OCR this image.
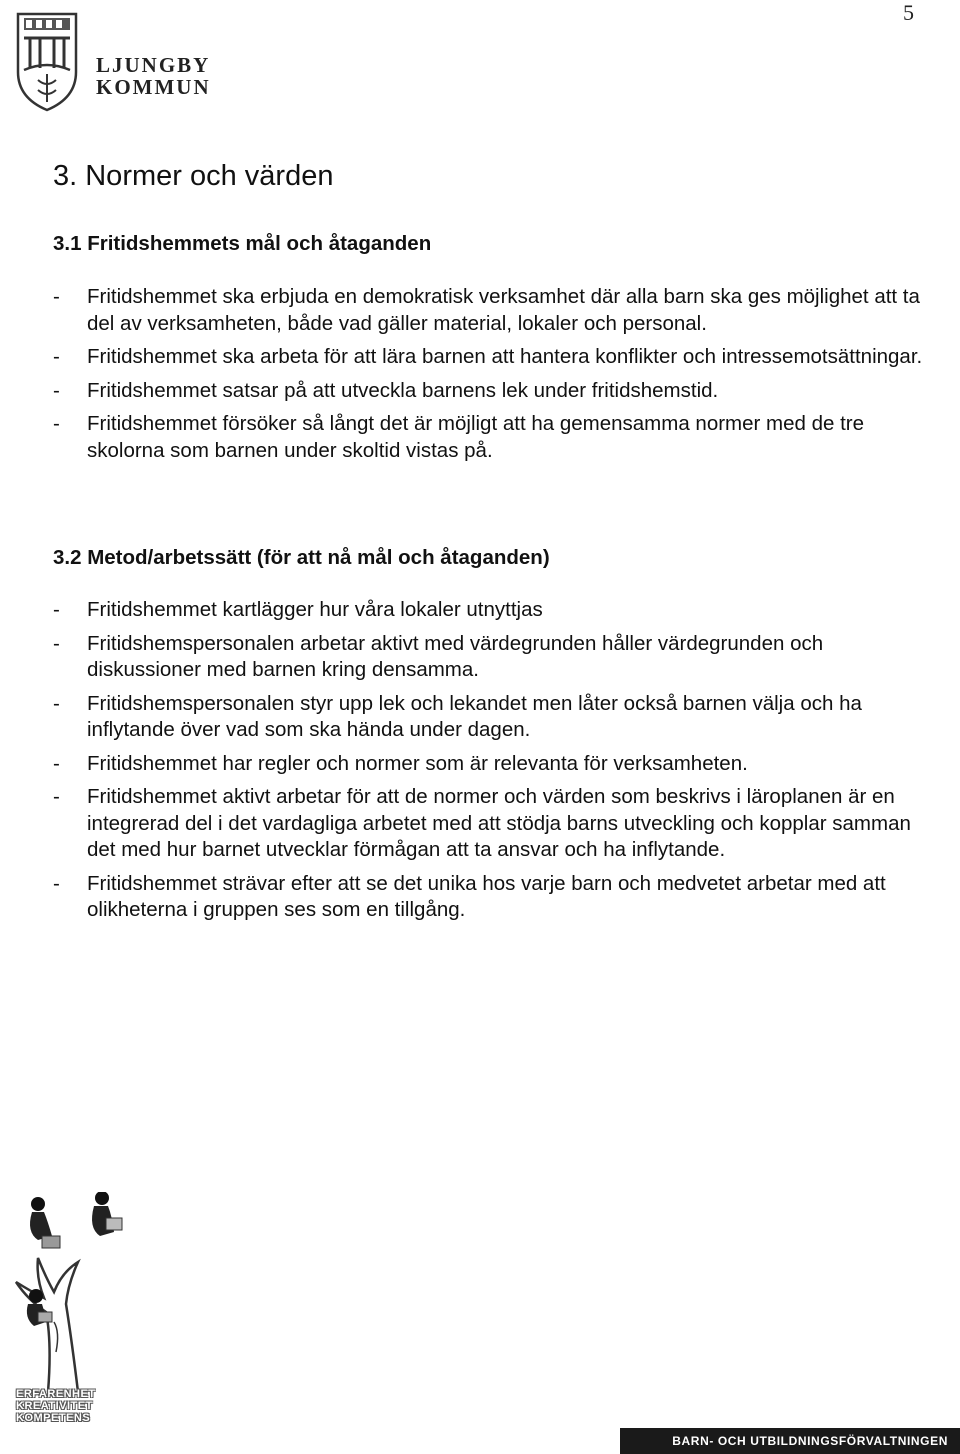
5
LJUNGBY
KOMMUN
3. Normer och värden
3.1 Fritidshemmets mål och åtaganden
- Fritidshemmet ska erbjuda en demokratisk verksamhet där alla barn ska ges möjlighet att ta del av verksamheten, både vad gäller material, lokaler och personal.
- Fritidshemmet ska arbeta för att lära barnen att hantera konflikter och intressemotsättningar.
- Fritidshemmet satsar på att utveckla barnens lek under fritidshemstid.
- Fritidshemmet försöker så långt det är möjligt att ha gemensamma normer med de tre skolorna som barnen under skoltid vistas på.
3.2 Metod/arbetssätt (för att nå mål och åtaganden)
- Fritidshemmet kartlägger hur våra lokaler utnyttjas
- Fritidshemspersonalen arbetar aktivt med värdegrunden håller värdegrunden och diskussioner med barnen kring densamma.
- Fritidshemspersonalen styr upp lek och lekandet men låter också barnen välja och ha inflytande över vad som ska hända under dagen.
- Fritidshemmet har regler och normer som är relevanta för verksamheten.
- Fritidshemmet aktivt arbetar för att de normer och värden som beskrivs i läroplanen är en integrerad del i det vardagliga arbetet med att stödja barns utveckling och kopplar samman det med hur barnet utvecklar förmågan att ta ansvar och ha inflytande.
- Fritidshemmet strävar efter att se det unika hos varje barn och medvetet arbetar med att olikheterna i gruppen ses som en tillgång.
ERFARENHET
KREATIVITET
KOMPETENS
BARN- OCH UTBILDNINGSFÖRVALTNINGEN
